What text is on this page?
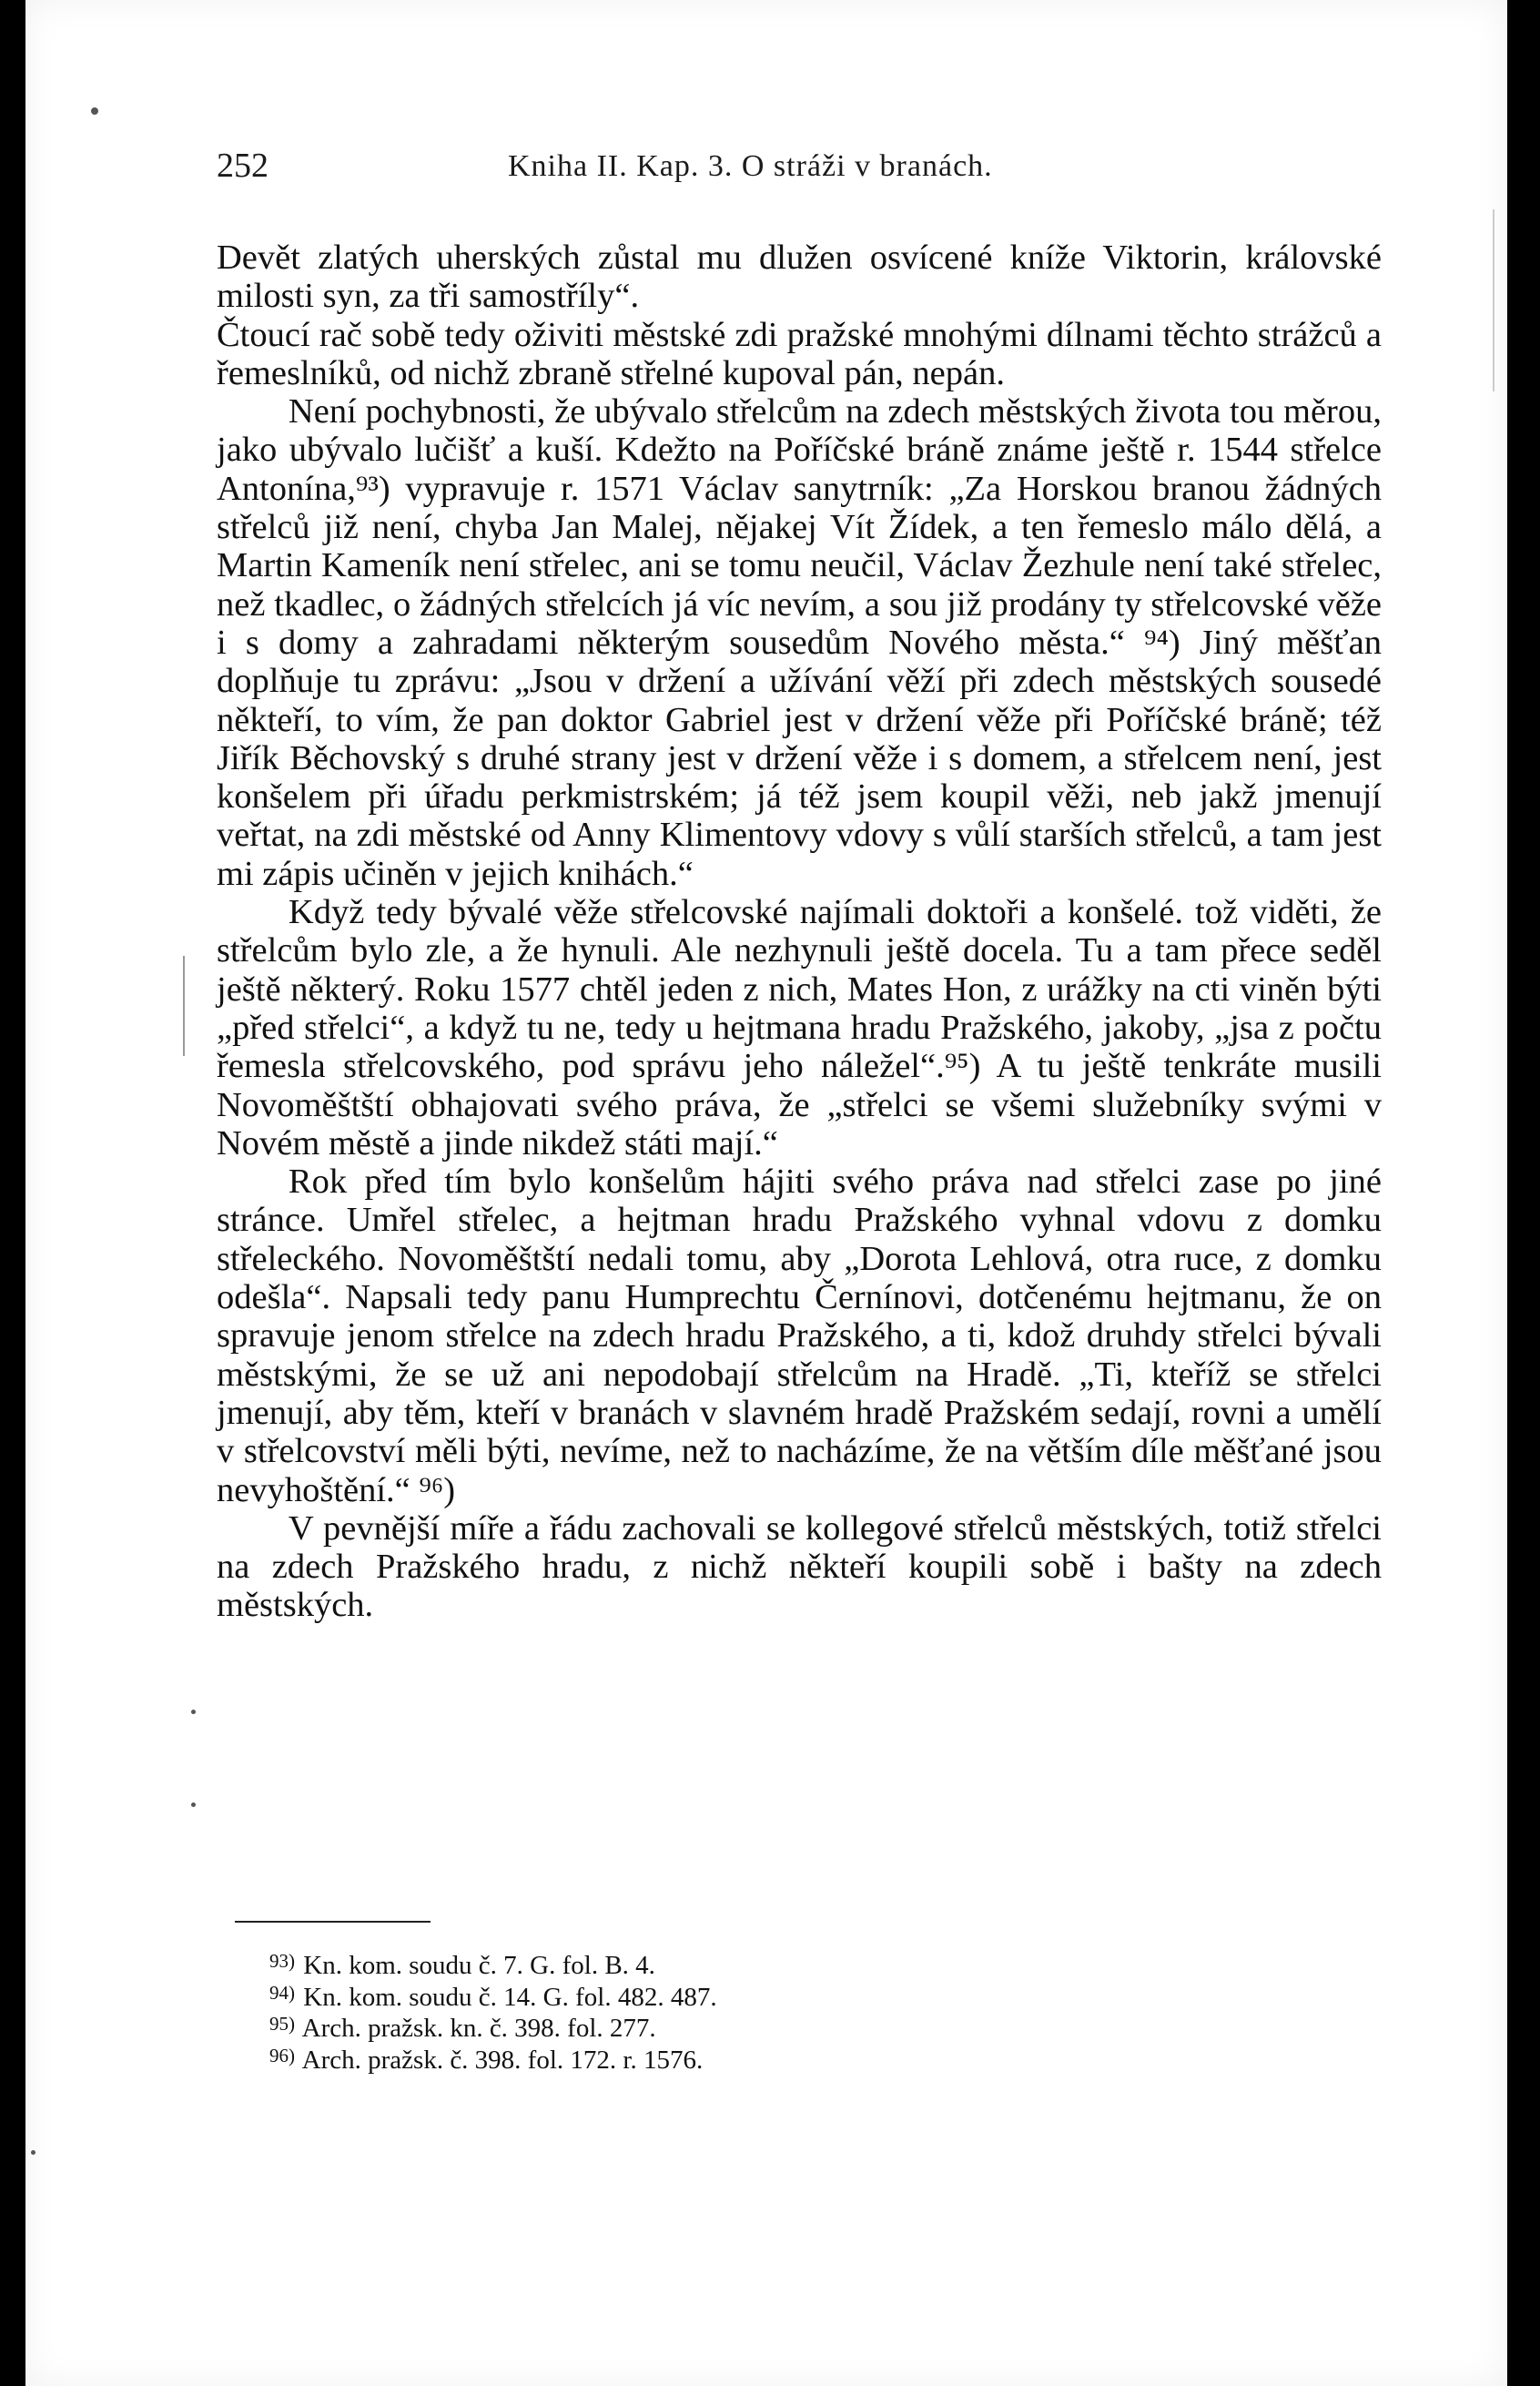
252	Kniha II. Kap. 3. O stráži v branách.

Devět zlatých uherských zůstal mu dlužen osvícené kníže Viktorin, královské milosti syn, za tři samostříly“.

Čtoucí rač sobě tedy oživiti městské zdi pražské mnohými dílnami těchto strážců a řemeslníků, od nichž zbraně střelné kupoval pán, nepán.

Není pochybnosti, že ubývalo střelcům na zdech městských života tou měrou, jako ubývalo lučišť a kuší. Kdežto na Poříčské bráně známe ještě r. 1544 střelce Antonína,⁹³) vypravuje r. 1571 Václav sanytrník: „Za Horskou branou žádných střelců již není, chyba Jan Malej, nějakej Vít Žídek, a ten řemeslo málo dělá, a Martin Kameník není střelec, ani se tomu neučil, Václav Žezhule není také střelec, než tkadlec, o žádných střelcích já víc nevím, a sou již prodány ty střelcovské věže i s domy a zahradami některým sousedům Nového města.“ ⁹⁴) Jiný měšťan doplňuje tu zprávu: „Jsou v držení a užívání věží při zdech městských sousedé někteří, to vím, že pan doktor Gabriel jest v držení věže při Poříčské bráně; též Jiřík Běchovský s druhé strany jest v držení věže i s domem, a střelcem není, jest konšelem při úřadu perkmistrském; já též jsem koupil věži, neb jakž jmenují veřtat, na zdi městské od Anny Klimentovy vdovy s vůlí starších střelců, a tam jest mi zápis učiněn v jejich knihách.“

Když tedy bývalé věže střelcovské najímali doktoři a konšelé. tož viděti, že střelcům bylo zle, a že hynuli. Ale nezhynuli ještě docela. Tu a tam přece seděl ještě některý. Roku 1577 chtěl jeden z nich, Mates Hon, z urážky na cti viněn býti „před střelci“, a když tu ne, tedy u hejtmana hradu Pražského, jakoby, „jsa z počtu řemesla střelcovského, pod správu jeho náležel“.⁹⁵) A tu ještě tenkráte musili Novoměštští obhajovati svého práva, že „střelci se všemi služebníky svými v Novém městě a jinde nikdež státi mají.“

Rok před tím bylo konšelům hájiti svého práva nad střelci zase po jiné stránce. Umřel střelec, a hejtman hradu Pražského vyhnal vdovu z domku střeleckého. Novoměštští nedali tomu, aby „Dorota Lehlová, otra ruce, z domku odešla“. Napsali tedy panu Humprechtu Černínovi, dotčenému hejtmanu, že on spravuje jenom střelce na zdech hradu Pražského, a ti, kdož druhdy střelci bývali městskými, že se už ani nepodobají střelcům na Hradě. „Ti, kteříž se střelci jmenují, aby těm, kteří v branách v slavném hradě Pražském sedají, rovni a umělí v střelcovství měli býti, nevíme, než to nacházíme, že na větším díle měšťané jsou nevyhoštění.“ ⁹⁶)

V pevnější míře a řádu zachovali se kollegové střelců městských, totiž střelci na zdech Pražského hradu, z nichž někteří koupili sobě i bašty na zdech městských.

$^{93)}$ Kn. kom. soudu č. 7. G. fol. B. 4.

$^{94)}$ Kn. kom. soudu č. 14. G. fol. 482. 487.

$^{95)}$ Arch. pražsk. kn. č. 398. fol. 277.

$^{96)}$ Arch. pražsk. č. 398. fol. 172. r. 1576.
